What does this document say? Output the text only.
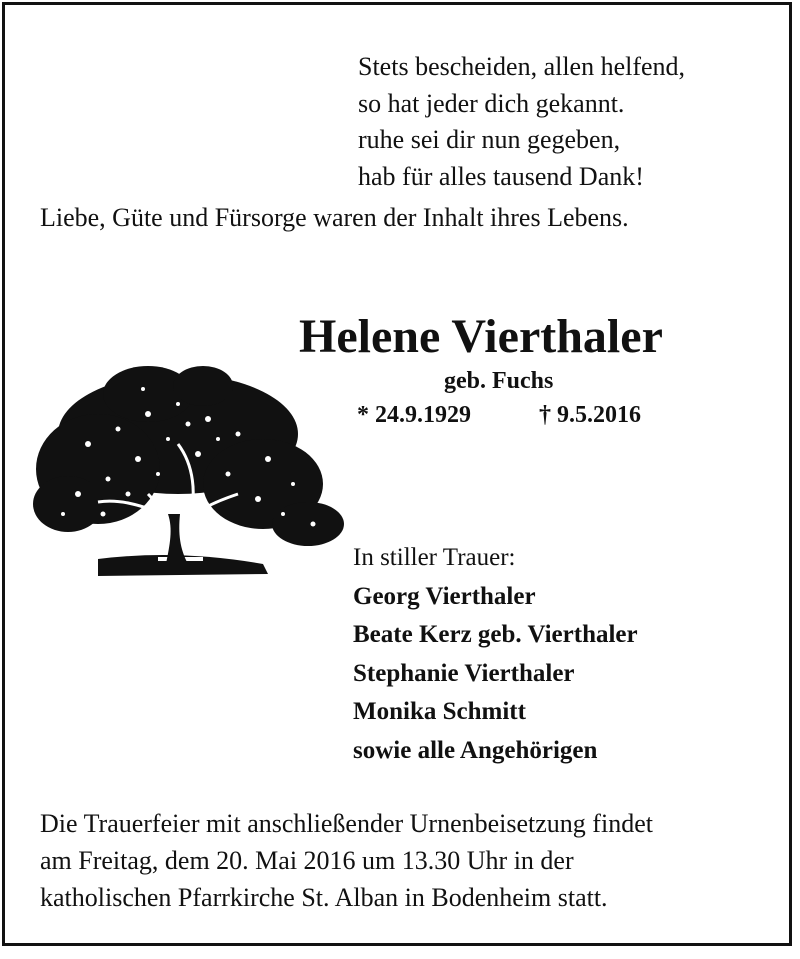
Stets bescheiden, allen helfend,
so hat jeder dich gekannt.
ruhe sei dir nun gegeben,
hab für alles tausend Dank!
Liebe, Güte und Fürsorge waren der Inhalt ihres Lebens.
Helene Vierthaler
geb. Fuchs
* 24.9.1929	† 9.5.2016
In stiller Trauer:
Georg Vierthaler
Beate Kerz geb. Vierthaler
Stephanie Vierthaler
Monika Schmitt
sowie alle Angehörigen
Die Trauerfeier mit anschließender Urnenbeisetzung findet
am Freitag, dem 20. Mai 2016 um 13.30 Uhr in der
katholischen Pfarrkirche St. Alban in Bodenheim statt.
